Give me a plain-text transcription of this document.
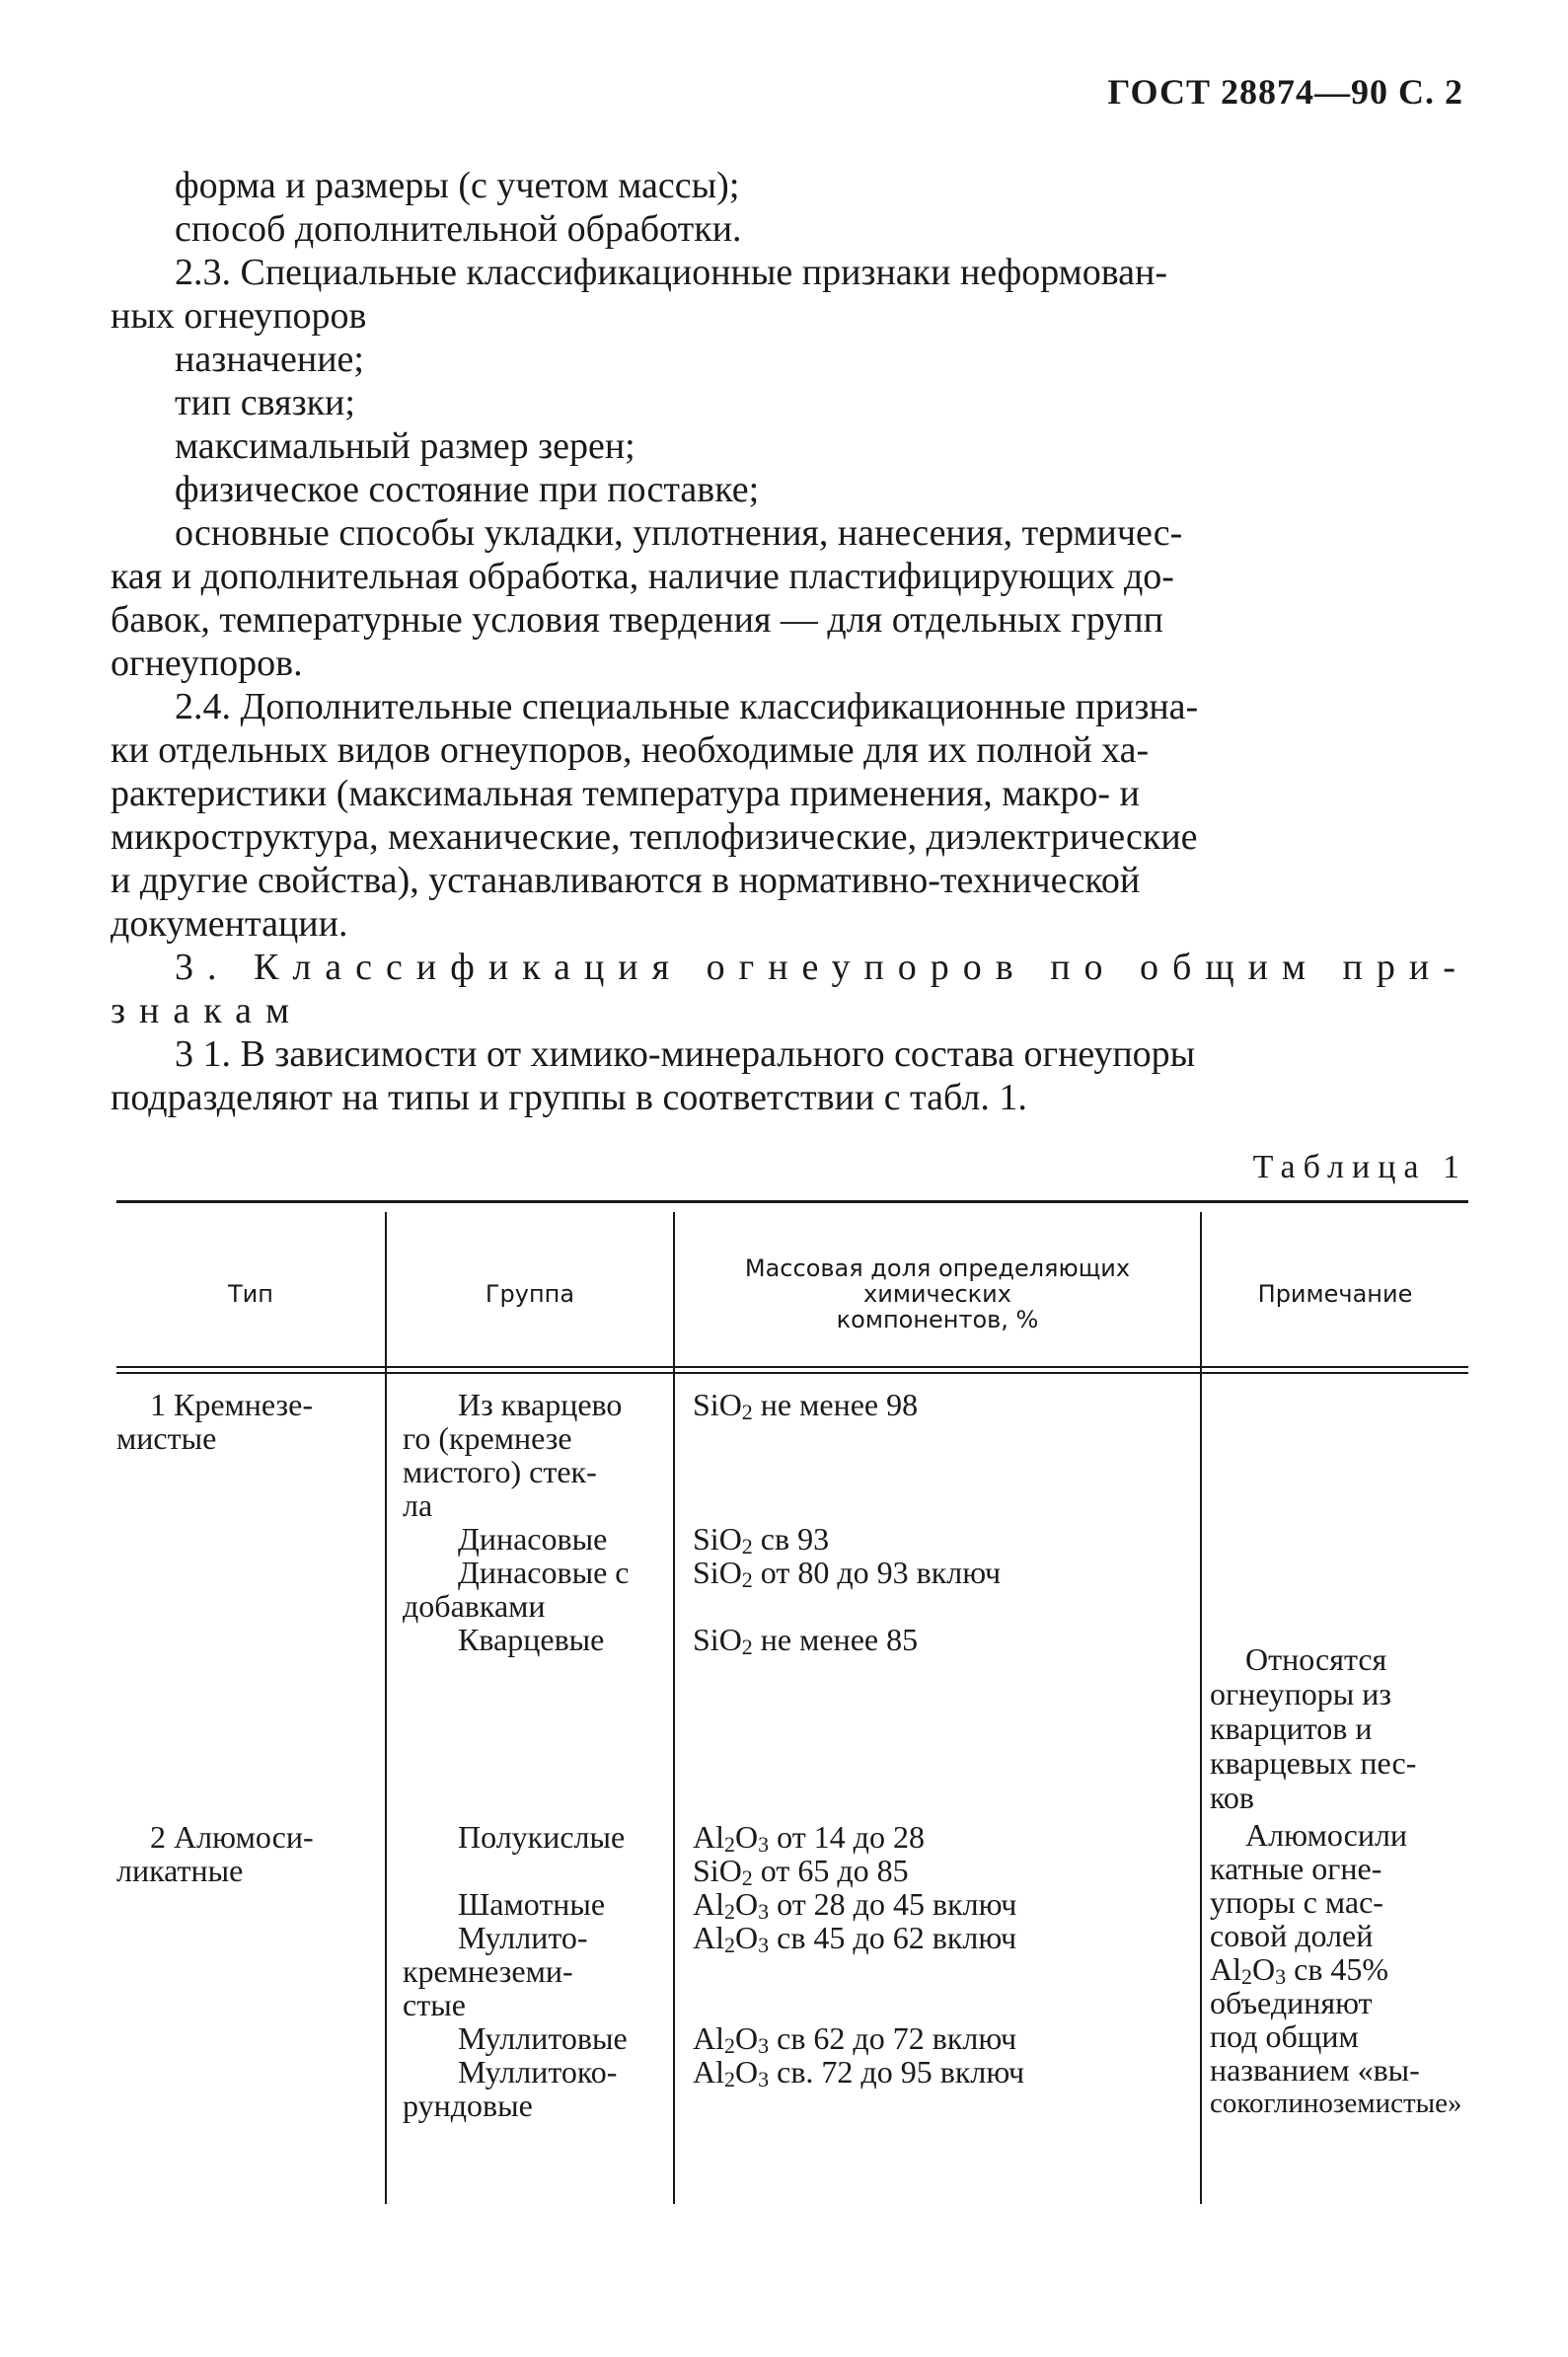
ГОСТ 28874—90 С. 2
форма и размеры (с учетом массы);
способ дополнительной обработки.
2.3. Специальные классификационные признаки неформован-
ных огнеупоров
назначение;
тип связки;
максимальный размер зерен;
физическое состояние при поставке;
основные способы укладки, уплотнения, нанесения, термичес-
кая и дополнительная обработка, наличие пластифицирующих до-
бавок, температурные условия твердения — для отдельных групп
огнеупоров.
2.4. Дополнительные специальные классификационные призна-
ки отдельных видов огнеупоров, необходимые для их полной ха-
рактеристики (максимальная температура применения, макро- и
микроструктура, механические, теплофизические, диэлектрические
и другие свойства), устанавливаются в нормативно-технической
документации.
3. Классификация огнеупоров по общим при-
знакам
3 1. В зависимости от химико-минерального состава огнеупоры
подразделяют на типы и группы в соответствии с табл. 1.
Таблица 1
Тип	Группа
Массовая доля определяющих
химических
компонентов, %
Примечание
1 Кремнезе-
мистые
2 Алюмоси-
ликатные
Из кварцево
го (кремнезе
мистого) стек-
ла
Динасовые
Динасовые с
добавками
Кварцевые
Полукислые
Шамотные
Муллито-
кремнеземи-
стые
Муллитовые
Муллитоко-
рундовые
SiO$_2$ не менее 98
SiO$_2$ св 93
SiO$_2$ от 80 до 93 включ
SiO$_2$ не менее 85
$Al_2O_3$ от 14 до 28
SiO$_2$ от 65 до 85
$Al_2O_3$ от 28 до 45 включ
$Al_2O_3$ св 45 до 62 включ
$Al_2O_3$ св 62 до 72 включ
$Al_2O_3$ св. 72 до 95 включ
Относятся
огнеупоры из
кварцитов и
кварцевых пес-
ков
Алюмосили
катные огне-
упоры с мас-
совой долей
$Al_2O_3$ св 45%
объединяют
под общим
названием «вы-
сокоглиноземистые»
